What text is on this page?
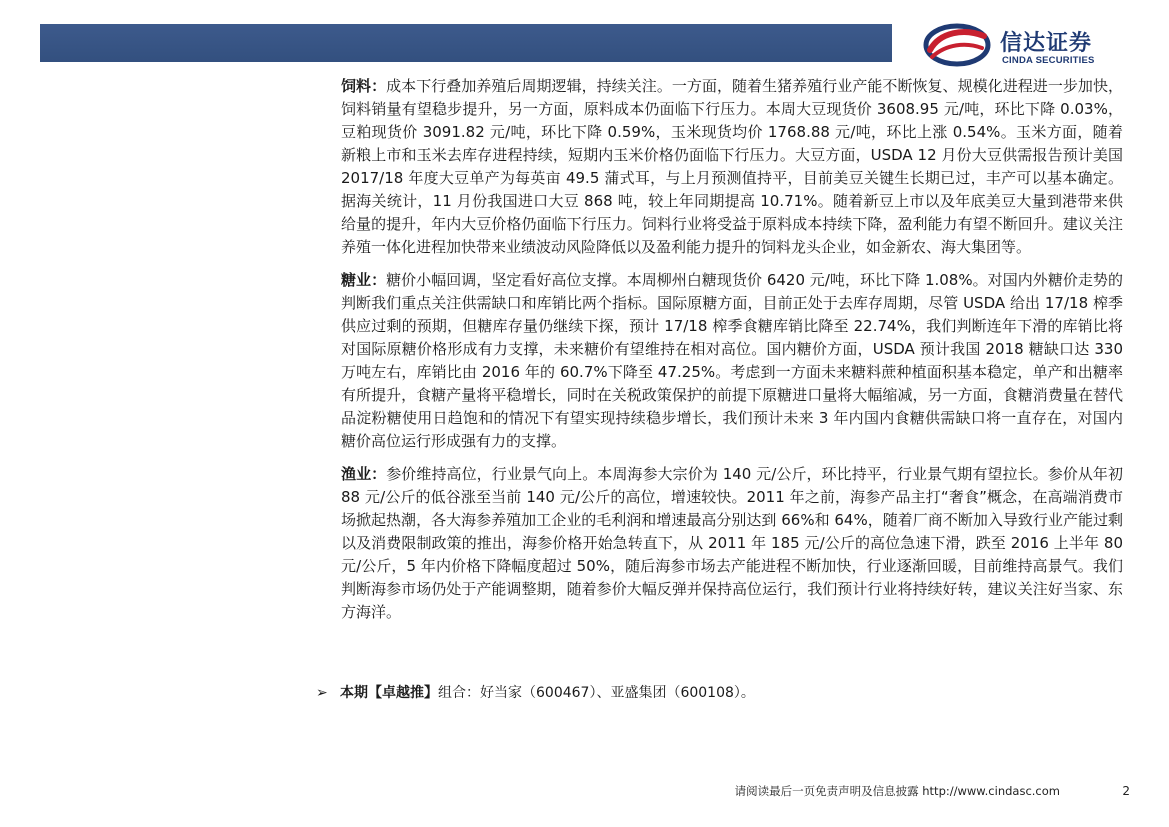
信达证券
CINDA SECURITIES

饲料：成本下行叠加养殖后周期逻辑，持续关注。一方面，随着生猪养殖行业产能不断恢复、规模化进程进一步加快，饲料销量有望稳步提升，另一方面，原料成本仍面临下行压力。本周大豆现货价 3608.95 元/吨，环比下降 0.03%，豆粕现货价 3091.82 元/吨，环比下降 0.59%，玉米现货均价 1768.88 元/吨，环比上涨 0.54%。玉米方面，随着新粮上市和玉米去库存进程持续，短期内玉米价格仍面临下行压力。大豆方面，USDA 12 月份大豆供需报告预计美国 2017/18 年度大豆单产为每英亩 49.5 蒲式耳，与上月预测值持平，目前美豆关键生长期已过，丰产可以基本确定。据海关统计，11 月份我国进口大豆 868 吨，较上年同期提高 10.71%。随着新豆上市以及年底美豆大量到港带来供给量的提升，年内大豆价格仍面临下行压力。饲料行业将受益于原料成本持续下降，盈利能力有望不断回升。建议关注养殖一体化进程加快带来业绩波动风险降低以及盈利能力提升的饲料龙头企业，如金新农、海大集团等。

糖业：糖价小幅回调，坚定看好高位支撑。本周柳州白糖现货价 6420 元/吨，环比下降 1.08%。对国内外糖价走势的判断我们重点关注供需缺口和库销比两个指标。国际原糖方面，目前正处于去库存周期，尽管 USDA 给出 17/18 榨季供应过剩的预期，但糖库存量仍继续下探，预计 17/18 榨季食糖库销比降至 22.74%，我们判断连年下滑的库销比将对国际原糖价格形成有力支撑，未来糖价有望维持在相对高位。国内糖价方面，USDA 预计我国 2018 糖缺口达 330 万吨左右，库销比由 2016 年的 60.7%下降至 47.25%。考虑到一方面未来糖料蔗种植面积基本稳定，单产和出糖率有所提升，食糖产量将平稳增长，同时在关税政策保护的前提下原糖进口量将大幅缩减，另一方面，食糖消费量在替代品淀粉糖使用日趋饱和的情况下有望实现持续稳步增长，我们预计未来 3 年内国内食糖供需缺口将一直存在，对国内糖价高位运行形成强有力的支撑。

渔业：参价维持高位，行业景气向上。本周海参大宗价为 140 元/公斤，环比持平，行业景气期有望拉长。参价从年初 88 元/公斤的低谷涨至当前 140 元/公斤的高位，增速较快。2011 年之前，海参产品主打“奢食”概念，在高端消费市场掀起热潮，各大海参养殖加工企业的毛利润和增速最高分别达到 66%和 64%，随着厂商不断加入导致行业产能过剩以及消费限制政策的推出，海参价格开始急转直下，从 2011 年 185 元/公斤的高位急速下滑，跌至 2016 上半年 80 元/公斤，5 年内价格下降幅度超过 50%，随后海参市场去产能进程不断加快，行业逐渐回暖，目前维持高景气。我们判断海参市场仍处于产能调整期，随着参价大幅反弹并保持高位运行，我们预计行业将持续好转，建议关注好当家、东方海洋。

➢ 本期【卓越推】组合：好当家（600467）、亚盛集团（600108）。
请阅读最后一页免责声明及信息披露 http://www.cindasc.com	2
